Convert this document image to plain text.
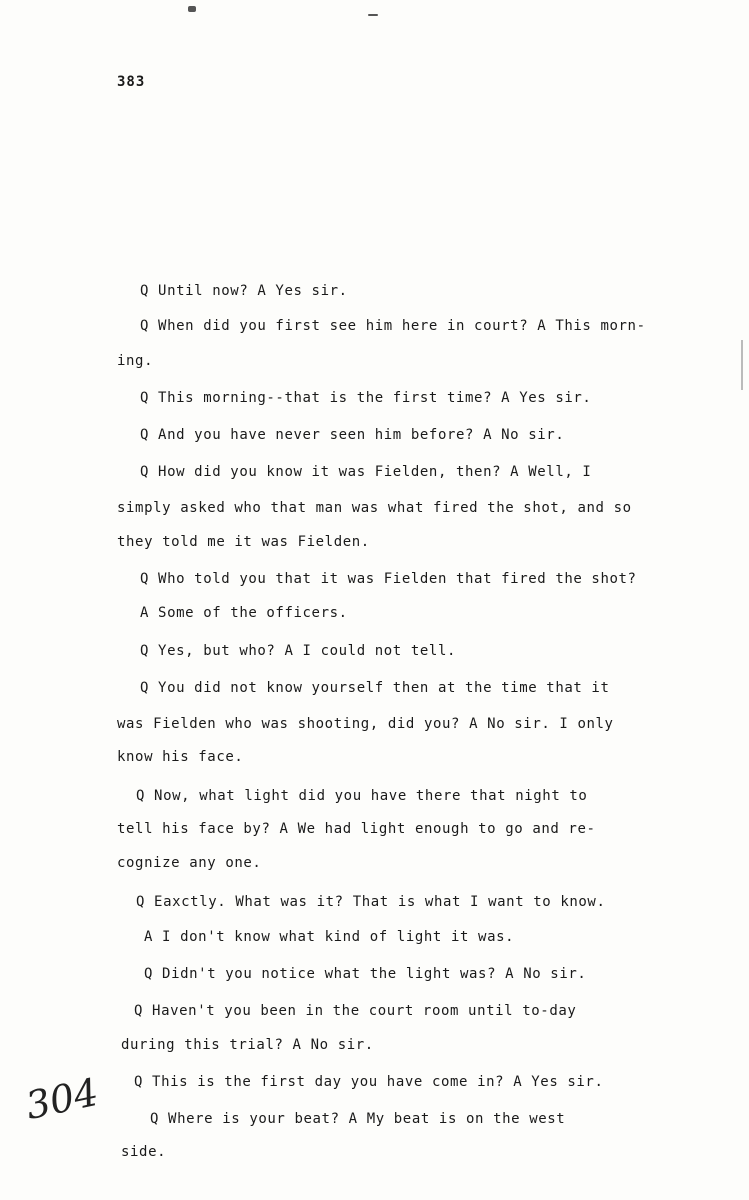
383
Q Until now? A Yes sir.
Q When did you first see him here in court? A This morn-
ing.
Q This morning--that is the first time? A Yes sir.
Q And you have never seen him before? A No sir.
Q How did you know it was Fielden, then? A Well, I
simply asked who that man was what fired the shot, and so
they told me it was Fielden.
Q Who told you that it was Fielden that fired the shot?
A Some of the officers.
Q Yes, but who? A I could not tell.
Q You did not know yourself then at the time that it
was Fielden who was shooting, did you? A No sir. I only
know his face.
Q Now, what light did you have there that night to
tell his face by? A We had light enough to go and re-
cognize any one.
Q Eaxctly. What was it? That is what I want to know.
A I don't know what kind of light it was.
Q Didn't you notice what the light was? A No sir.
Q Haven't you been in the court room until to-day
during this trial? A No sir.
Q This is the first day you have come in? A Yes sir.
Q Where is your beat? A My beat is on the west
side.
304
